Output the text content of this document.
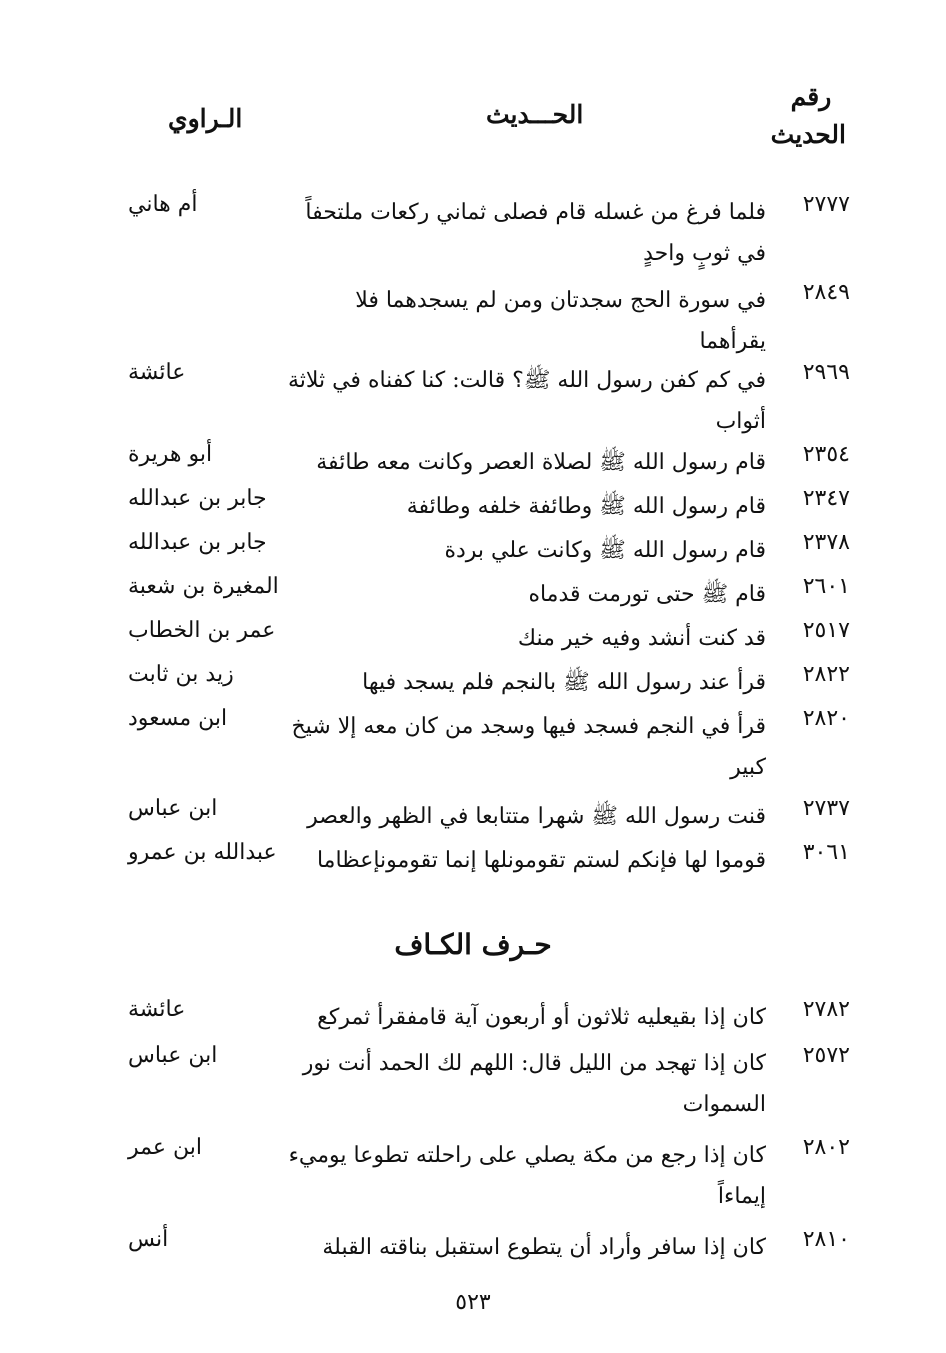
رقم الحديث
الحـــديث
الـراوي
٢٧٧٧
فلما فرغ من غسله قام فصلى ثماني ركعات ملتحفاً في ثوبٍ واحدٍ
أم هاني
٢٨٤٩
في سورة الحج سجدتان ومن لم يسجدهما فلا يقرأهما
٢٩٦٩
في كم كفن رسول الله ﷺ؟ قالت: كنا كفناه في ثلاثة أثواب
عائشة
٢٣٥٤
قام رسول الله ﷺ لصلاة العصر وكانت معه طائفة
أبو هريرة
٢٣٤٧
قام رسول الله ﷺ وطائفة خلفه وطائفة
جابر بن عبدالله
٢٣٧٨
قام رسول الله ﷺ وكانت علي بردة
جابر بن عبدالله
٢٦٠١
قام ﷺ حتى تورمت قدماه
المغيرة بن شعبة
٢٥١٧
قد كنت أنشد وفيه خير منك
عمر بن الخطاب
٢٨٢٢
قرأ عند رسول الله ﷺ بالنجم فلم يسجد فيها
زيد بن ثابت
٢٨٢٠
قرأ في النجم فسجد فيها وسجد من كان معه إلا شيخ كبير
ابن مسعود
٢٧٣٧
قنت رسول الله ﷺ شهرا متتابعا في الظهر والعصر
ابن عباس
٣٠٦١
قوموا لها فإنكم لستم تقومونلها إنما تقومونإعظاما
عبدالله بن عمرو
حـرف الكـاف
٢٧٨٢
كان إذا بقيعليه ثلاثون أو أربعون آية قامفقرأ ثمركع
عائشة
٢٥٧٢
كان إذا تهجد من الليل قال: اللهم لك الحمد أنت نور السموات
ابن عباس
٢٨٠٢
كان إذا رجع من مكة يصلي على راحلته تطوعا يوميء إيماءاً
ابن عمر
٢٨١٠
كان إذا سافر وأراد أن يتطوع استقبل بناقته القبلة
أنس
٥٢٣
